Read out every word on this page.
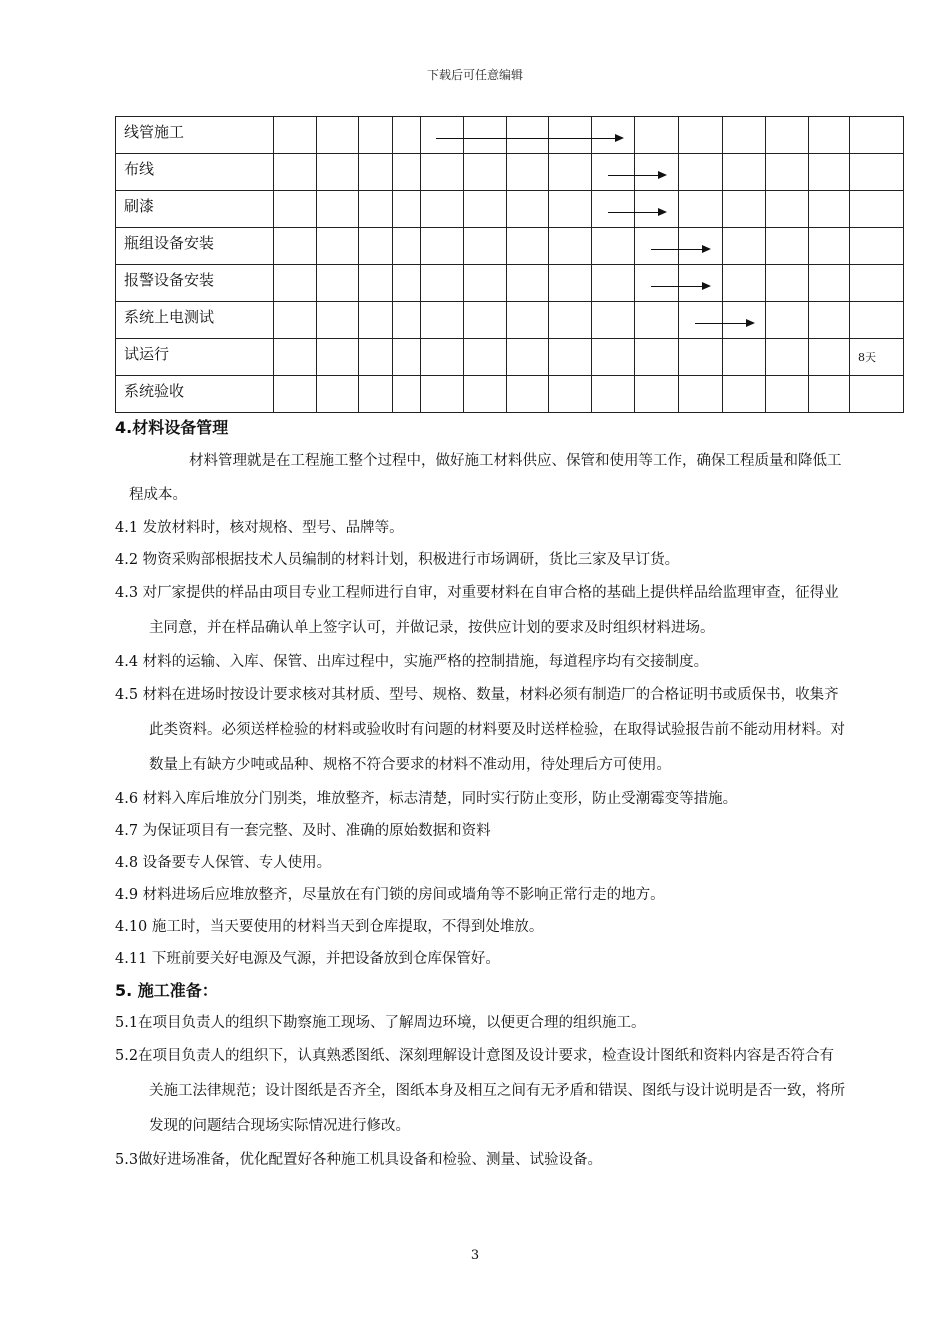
下载后可任意编辑
线管施工															
布线															
刷漆															
瓶组设备安装															
报警设备安装															
系统上电测试															
试运行															8天
系统验收															
4.材料设备管理

材料管理就是在工程施工整个过程中，做好施工材料供应、保管和使用等工作，确保工程质量和降低工程成本。

4.1 发放材料时，核对规格、型号、品牌等。

4.2 物资采购部根据技术人员编制的材料计划，积极进行市场调研，货比三家及早订货。

4.3 对厂家提供的样品由项目专业工程师进行自审，对重要材料在自审合格的基础上提供样品给监理审查，征得业主同意，并在样品确认单上签字认可，并做记录，按供应计划的要求及时组织材料进场。

4.4 材料的运输、入库、保管、出库过程中，实施严格的控制措施，每道程序均有交接制度。

4.5 材料在进场时按设计要求核对其材质、型号、规格、数量，材料必须有制造厂的合格证明书或质保书，收集齐此类资料。必须送样检验的材料或验收时有问题的材料要及时送样检验，在取得试验报告前不能动用材料。对数量上有缺方少吨或品种、规格不符合要求的材料不准动用，待处理后方可使用。

4.6 材料入库后堆放分门别类，堆放整齐，标志清楚，同时实行防止变形，防止受潮霉变等措施。

4.7 为保证项目有一套完整、及时、准确的原始数据和资料

4.8 设备要专人保管、专人使用。

4.9 材料进场后应堆放整齐，尽量放在有门锁的房间或墙角等不影响正常行走的地方。

4.10 施工时，当天要使用的材料当天到仓库提取，不得到处堆放。

4.11 下班前要关好电源及气源，并把设备放到仓库保管好。

5. 施工准备：

5.1在项目负责人的组织下勘察施工现场、了解周边环境，以便更合理的组织施工。

5.2在项目负责人的组织下，认真熟悉图纸、深刻理解设计意图及设计要求，检查设计图纸和资料内容是否符合有关施工法律规范；设计图纸是否齐全，图纸本身及相互之间有无矛盾和错误、图纸与设计说明是否一致，将所发现的问题结合现场实际情况进行修改。

5.3做好进场准备，优化配置好各种施工机具设备和检验、测量、试验设备。

3
